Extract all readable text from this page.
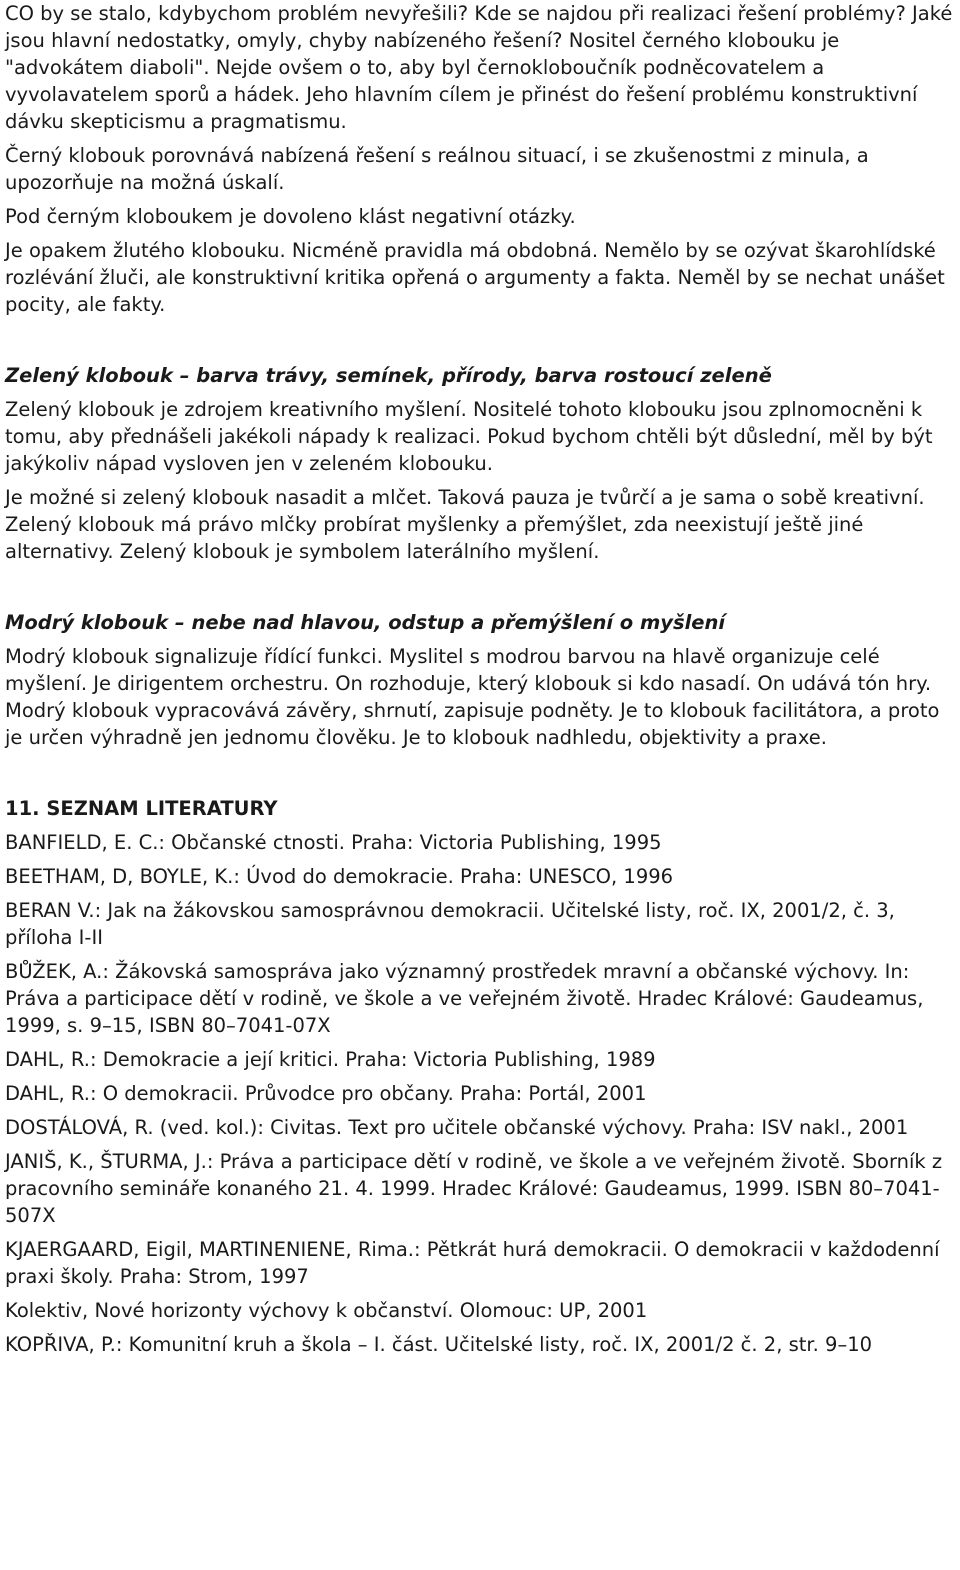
CO by se stalo, kdybychom problém nevyřešili? Kde se najdou při realizaci řešení problémy? Jaké jsou hlavní nedostatky, omyly, chyby nabízeného řešení? Nositel černého klobouku je "advokátem diaboli". Nejde ovšem o to, aby byl černokloboučník podněcovatelem a vyvolavatelem sporů a hádek. Jeho hlavním cílem je přinést do řešení problému konstruktivní dávku skepticismu a pragmatismu.

Černý klobouk porovnává nabízená řešení s reálnou situací, i se zkušenostmi z minula, a upozorňuje na možná úskalí.

Pod černým kloboukem je dovoleno klást negativní otázky.

Je opakem žlutého klobouku. Nicméně pravidla má obdobná. Nemělo by se ozývat škarohlídské rozlévání žluči, ale konstruktivní kritika opřená o argumenty a fakta. Neměl by se nechat unášet pocity, ale fakty.

Zelený klobouk – barva trávy, semínek, přírody, barva rostoucí zeleně

Zelený klobouk je zdrojem kreativního myšlení. Nositelé tohoto klobouku jsou zplnomocněni k tomu, aby přednášeli jakékoli nápady k realizaci. Pokud bychom chtěli být důslední, měl by být jakýkoliv nápad vysloven jen v zeleném klobouku.

Je možné si zelený klobouk nasadit a mlčet. Taková pauza je tvůrčí a je sama o sobě kreativní. Zelený klobouk má právo mlčky probírat myšlenky a přemýšlet, zda neexistují ještě jiné alternativy. Zelený klobouk je symbolem laterálního myšlení.

Modrý klobouk – nebe nad hlavou, odstup a přemýšlení o myšlení

Modrý klobouk signalizuje řídící funkci. Myslitel s modrou barvou na hlavě organizuje celé myšlení. Je dirigentem orchestru. On rozhoduje, který klobouk si kdo nasadí. On udává tón hry. Modrý klobouk vypracovává závěry, shrnutí, zapisuje podněty. Je to klobouk facilitátora, a proto je určen výhradně jen jednomu člověku. Je to klobouk nadhledu, objektivity a praxe.

11. SEZNAM LITERATURY

BANFIELD, E. C.: Občanské ctnosti. Praha: Victoria Publishing, 1995

BEETHAM, D, BOYLE, K.: Úvod do demokracie. Praha: UNESCO, 1996

BERAN V.: Jak na žákovskou samosprávnou demokracii. Učitelské listy, roč. IX, 2001/2, č. 3, příloha I-II

BŮŽEK, A.: Žákovská samospráva jako významný prostředek mravní a občanské výchovy. In: Práva a participace dětí v rodině, ve škole a ve veřejném životě. Hradec Králové: Gaudeamus, 1999, s. 9–15, ISBN 80–7041-07X

DAHL, R.: Demokracie a její kritici. Praha: Victoria Publishing, 1989

DAHL, R.: O demokracii. Průvodce pro občany. Praha: Portál, 2001

DOSTÁLOVÁ, R. (ved. kol.): Civitas. Text pro učitele občanské výchovy. Praha: ISV nakl., 2001

JANIŠ, K., ŠTURMA, J.: Práva a participace dětí v rodině, ve škole a ve veřejném životě. Sborník z pracovního semináře konaného 21. 4. 1999. Hradec Králové: Gaudeamus, 1999. ISBN 80–7041-507X

KJAERGAARD, Eigil, MARTINENIENE, Rima.: Pětkrát hurá demokracii. O demokracii v každodenní praxi školy. Praha: Strom, 1997

Kolektiv, Nové horizonty výchovy k občanství. Olomouc: UP, 2001

KOPŘIVA, P.: Komunitní kruh a škola – I. část. Učitelské listy, roč. IX, 2001/2 č. 2, str. 9–10
